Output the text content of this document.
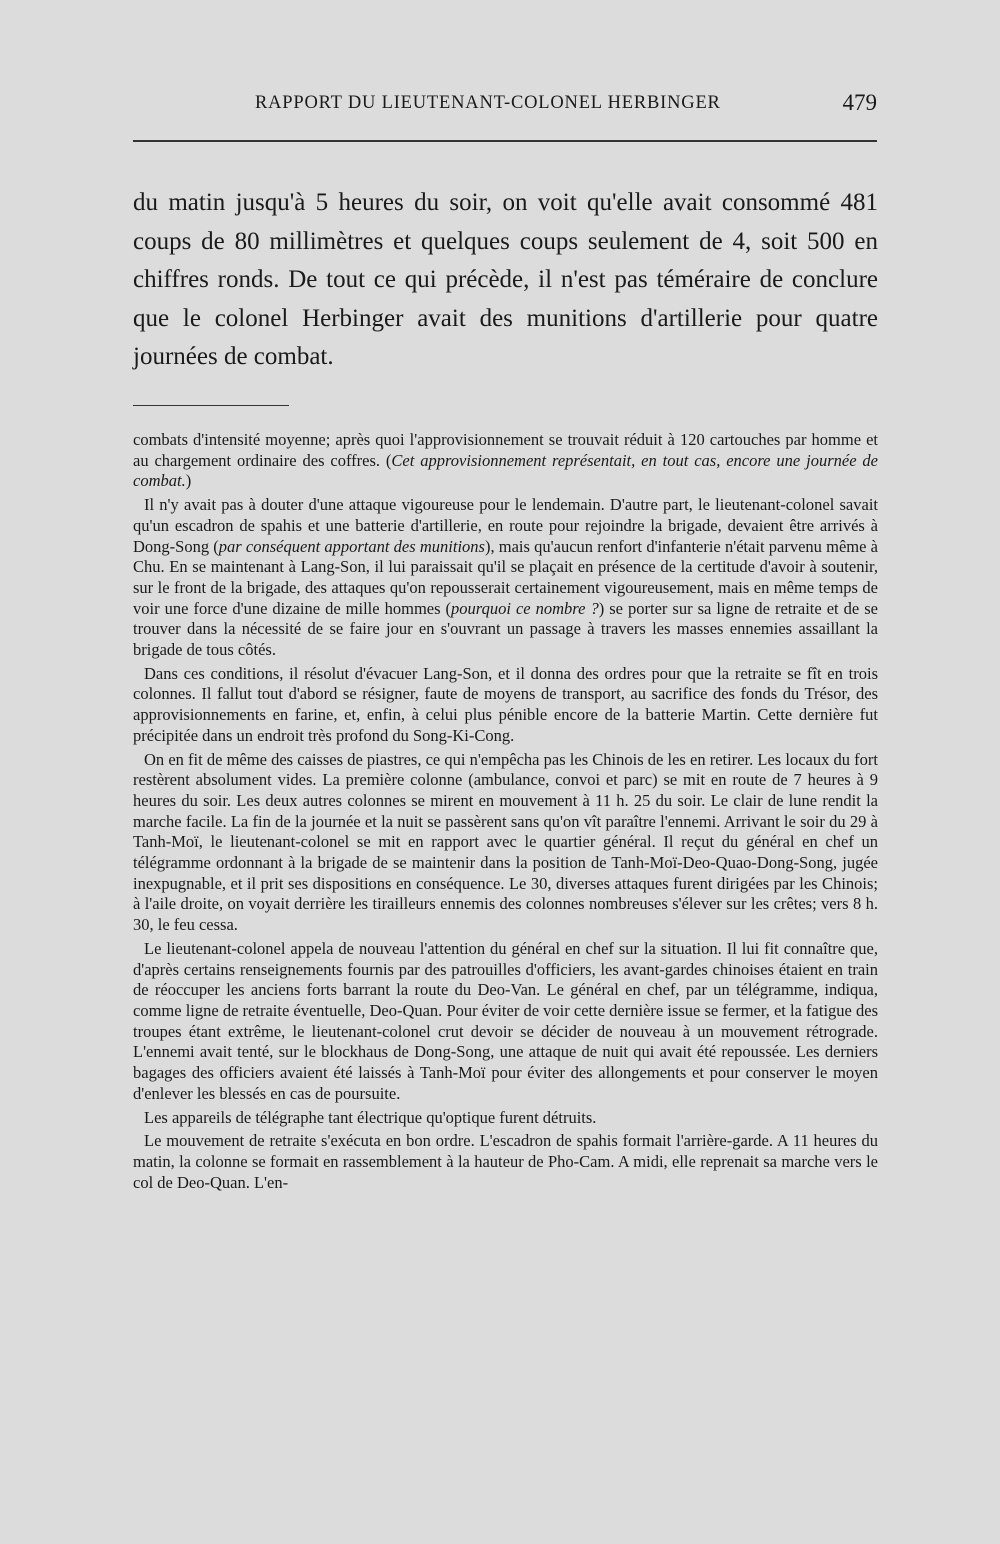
RAPPORT DU LIEUTENANT-COLONEL HERBINGER	479

du matin jusqu'à 5 heures du soir, on voit qu'elle avait consommé 481 coups de 80 millimètres et quelques coups seulement de 4, soit 500 en chiffres ronds. De tout ce qui précède, il n'est pas téméraire de conclure que le colonel Herbinger avait des munitions d'artillerie pour quatre journées de combat.

combats d'intensité moyenne; après quoi l'approvisionnement se trouvait réduit à 120 cartouches par homme et au chargement ordinaire des coffres. (Cet approvisionnement représentait, en tout cas, encore une journée de combat.)

Il n'y avait pas à douter d'une attaque vigoureuse pour le lendemain. D'autre part, le lieutenant-colonel savait qu'un escadron de spahis et une batterie d'artillerie, en route pour rejoindre la brigade, devaient être arrivés à Dong-Song (par conséquent apportant des munitions), mais qu'aucun renfort d'infanterie n'était parvenu même à Chu. En se maintenant à Lang-Son, il lui paraissait qu'il se plaçait en présence de la certitude d'avoir à soutenir, sur le front de la brigade, des attaques qu'on repousserait certainement vigoureusement, mais en même temps de voir une force d'une dizaine de mille hommes (pourquoi ce nombre ?) se porter sur sa ligne de retraite et de se trouver dans la nécessité de se faire jour en s'ouvrant un passage à travers les masses ennemies assaillant la brigade de tous côtés.

Dans ces conditions, il résolut d'évacuer Lang-Son, et il donna des ordres pour que la retraite se fît en trois colonnes. Il fallut tout d'abord se résigner, faute de moyens de transport, au sacrifice des fonds du Trésor, des approvisionnements en farine, et, enfin, à celui plus pénible encore de la batterie Martin. Cette dernière fut précipitée dans un endroit très profond du Song-Ki-Cong.

On en fit de même des caisses de piastres, ce qui n'empêcha pas les Chinois de les en retirer. Les locaux du fort restèrent absolument vides. La première colonne (ambulance, convoi et parc) se mit en route de 7 heures à 9 heures du soir. Les deux autres colonnes se mirent en mouvement à 11 h. 25 du soir. Le clair de lune rendit la marche facile. La fin de la journée et la nuit se passèrent sans qu'on vît paraître l'ennemi. Arrivant le soir du 29 à Tanh-Moï, le lieutenant-colonel se mit en rapport avec le quartier général. Il reçut du général en chef un télégramme ordonnant à la brigade de se maintenir dans la position de Tanh-Moï-Deo-Quao-Dong-Song, jugée inexpugnable, et il prit ses dispositions en conséquence. Le 30, diverses attaques furent dirigées par les Chinois; à l'aile droite, on voyait derrière les tirailleurs ennemis des colonnes nombreuses s'élever sur les crêtes; vers 8 h. 30, le feu cessa.

Le lieutenant-colonel appela de nouveau l'attention du général en chef sur la situation. Il lui fit connaître que, d'après certains renseignements fournis par des patrouilles d'officiers, les avant-gardes chinoises étaient en train de réoccuper les anciens forts barrant la route du Deo-Van. Le général en chef, par un télégramme, indiqua, comme ligne de retraite éventuelle, Deo-Quan. Pour éviter de voir cette dernière issue se fermer, et la fatigue des troupes étant extrême, le lieutenant-colonel crut devoir se décider de nouveau à un mouvement rétrograde. L'ennemi avait tenté, sur le blockhaus de Dong-Song, une attaque de nuit qui avait été repoussée. Les derniers bagages des officiers avaient été laissés à Tanh-Moï pour éviter des allongements et pour conserver le moyen d'enlever les blessés en cas de poursuite.

Les appareils de télégraphe tant électrique qu'optique furent détruits.

Le mouvement de retraite s'exécuta en bon ordre. L'escadron de spahis formait l'arrière-garde. A 11 heures du matin, la colonne se formait en rassemblement à la hauteur de Pho-Cam. A midi, elle reprenait sa marche vers le col de Deo-Quan. L'en-
